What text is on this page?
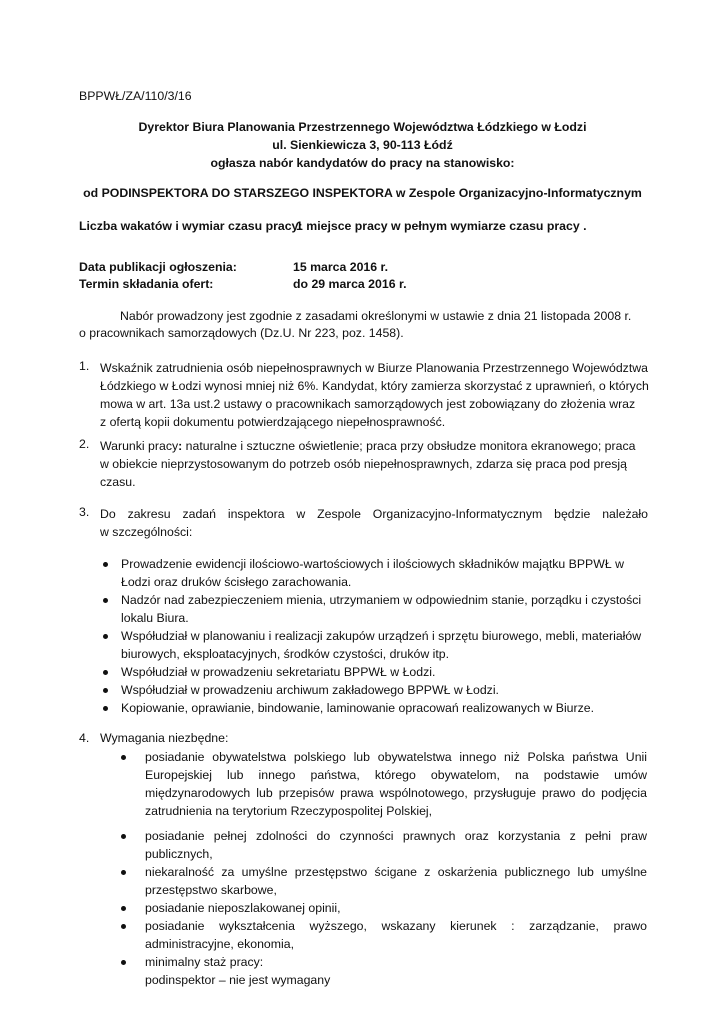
BPPWŁ/ZA/110/3/16
Dyrektor Biura Planowania Przestrzennego Województwa Łódzkiego w Łodzi
ul. Sienkiewicza 3, 90-113 Łódź
ogłasza nabór kandydatów do pracy na stanowisko:
od PODINSPEKTORA DO STARSZEGO INSPEKTORA w Zespole Organizacyjno-Informatycznym
Liczba wakatów i wymiar czasu pracy:
1 miejsce pracy w pełnym wymiarze czasu pracy .
Data publikacji ogłoszenia:	15 marca 2016 r.
Termin składania ofert:	do 29 marca 2016 r.
Nabór prowadzony jest zgodnie z zasadami określonymi w ustawie z dnia 21 listopada 2008 r.
o pracownikach samorządowych (Dz.U. Nr 223, poz. 1458).
1. Wskaźnik zatrudnienia osób niepełnosprawnych w Biurze Planowania Przestrzennego Województwa
Łódzkiego w Łodzi wynosi mniej niż 6%. Kandydat, który zamierza skorzystać z uprawnień, o których
mowa w art. 13a ust.2 ustawy o pracownikach samorządowych jest zobowiązany do złożenia wraz
z ofertą kopii dokumentu potwierdzającego niepełnosprawność.
2. Warunki pracy: naturalne i sztuczne oświetlenie; praca przy obsłudze monitora ekranowego; praca
w obiekcie nieprzystosowanym do potrzeb osób niepełnosprawnych, zdarza się praca pod presją
czasu.
3. Do zakresu zadań inspektora w Zespole Organizacyjno-Informatycznym będzie należało
w szczególności:
Prowadzenie ewidencji ilościowo-wartościowych i ilościowych składników majątku BPPWŁ w
Łodzi oraz druków ścisłego zarachowania.
Nadzór nad zabezpieczeniem mienia, utrzymaniem w odpowiednim stanie, porządku i czystości
lokalu Biura.
Współudział w planowaniu i realizacji zakupów urządzeń i sprzętu biurowego, mebli, materiałów
biurowych, eksploatacyjnych, środków czystości, druków itp.
Współudział w prowadzeniu sekretariatu BPPWŁ w Łodzi.
Współudział w prowadzeniu archiwum zakładowego BPPWŁ w Łodzi.
Kopiowanie, oprawianie, bindowanie, laminowanie opracowań realizowanych w Biurze.
4. Wymagania niezbędne:
posiadanie obywatelstwa polskiego lub obywatelstwa innego niż Polska państwa Unii
Europejskiej lub innego państwa, którego obywatelom, na podstawie umów
międzynarodowych lub przepisów prawa wspólnotowego, przysługuje prawo do podjęcia
zatrudnienia na terytorium Rzeczypospolitej Polskiej,
posiadanie pełnej zdolności do czynności prawnych oraz korzystania z pełni praw
publicznych,
niekaralność za umyślne przestępstwo ścigane z oskarżenia publicznego lub umyślne
przestępstwo skarbowe,
posiadanie nieposzlakowanej opinii,
posiadanie wykształcenia wyższego, wskazany kierunek : zarządzanie, prawo
administracyjne, ekonomia,
minimalny staż pracy:
podinspektor – nie jest wymagany
